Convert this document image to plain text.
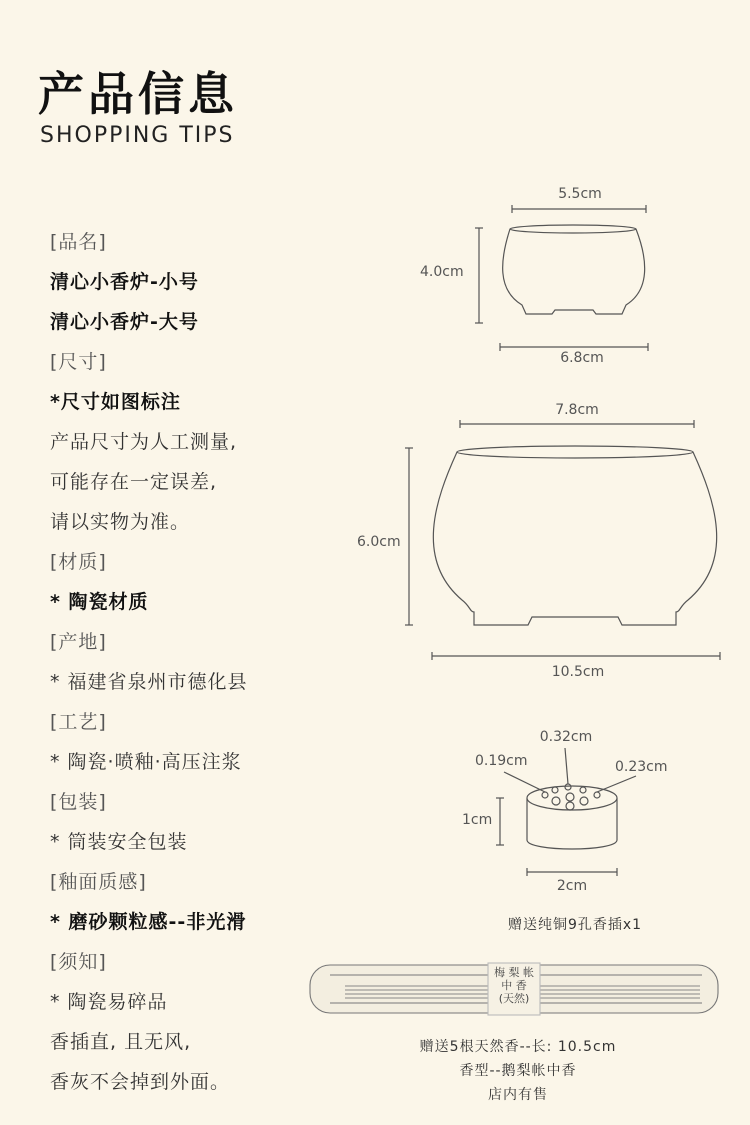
产品信息
SHOPPING TIPS
[品名]
清心小香炉-小号
清心小香炉-大号
[尺寸]
*尺寸如图标注
产品尺寸为人工测量,
可能存在一定误差,
请以实物为准。
[材质]
* 陶瓷材质
[产地]
* 福建省泉州市德化县
[工艺]
* 陶瓷·喷釉·高压注浆
[包装]
* 筒装安全包装
[釉面质感]
* 磨砂颗粒感--非光滑
[须知]
* 陶瓷易碎品
香插直, 且无风,
香灰不会掉到外面。
5.5cm
4.0cm
6.8cm
7.8cm
6.0cm
10.5cm
0.32cm
0.19cm	0.23cm
1cm
2cm
赠送纯铜9孔香插x1
梅 梨 帐 中 香 (天然)
赠送5根天然香--长: 10.5cm
香型--鹅梨帐中香
店内有售
